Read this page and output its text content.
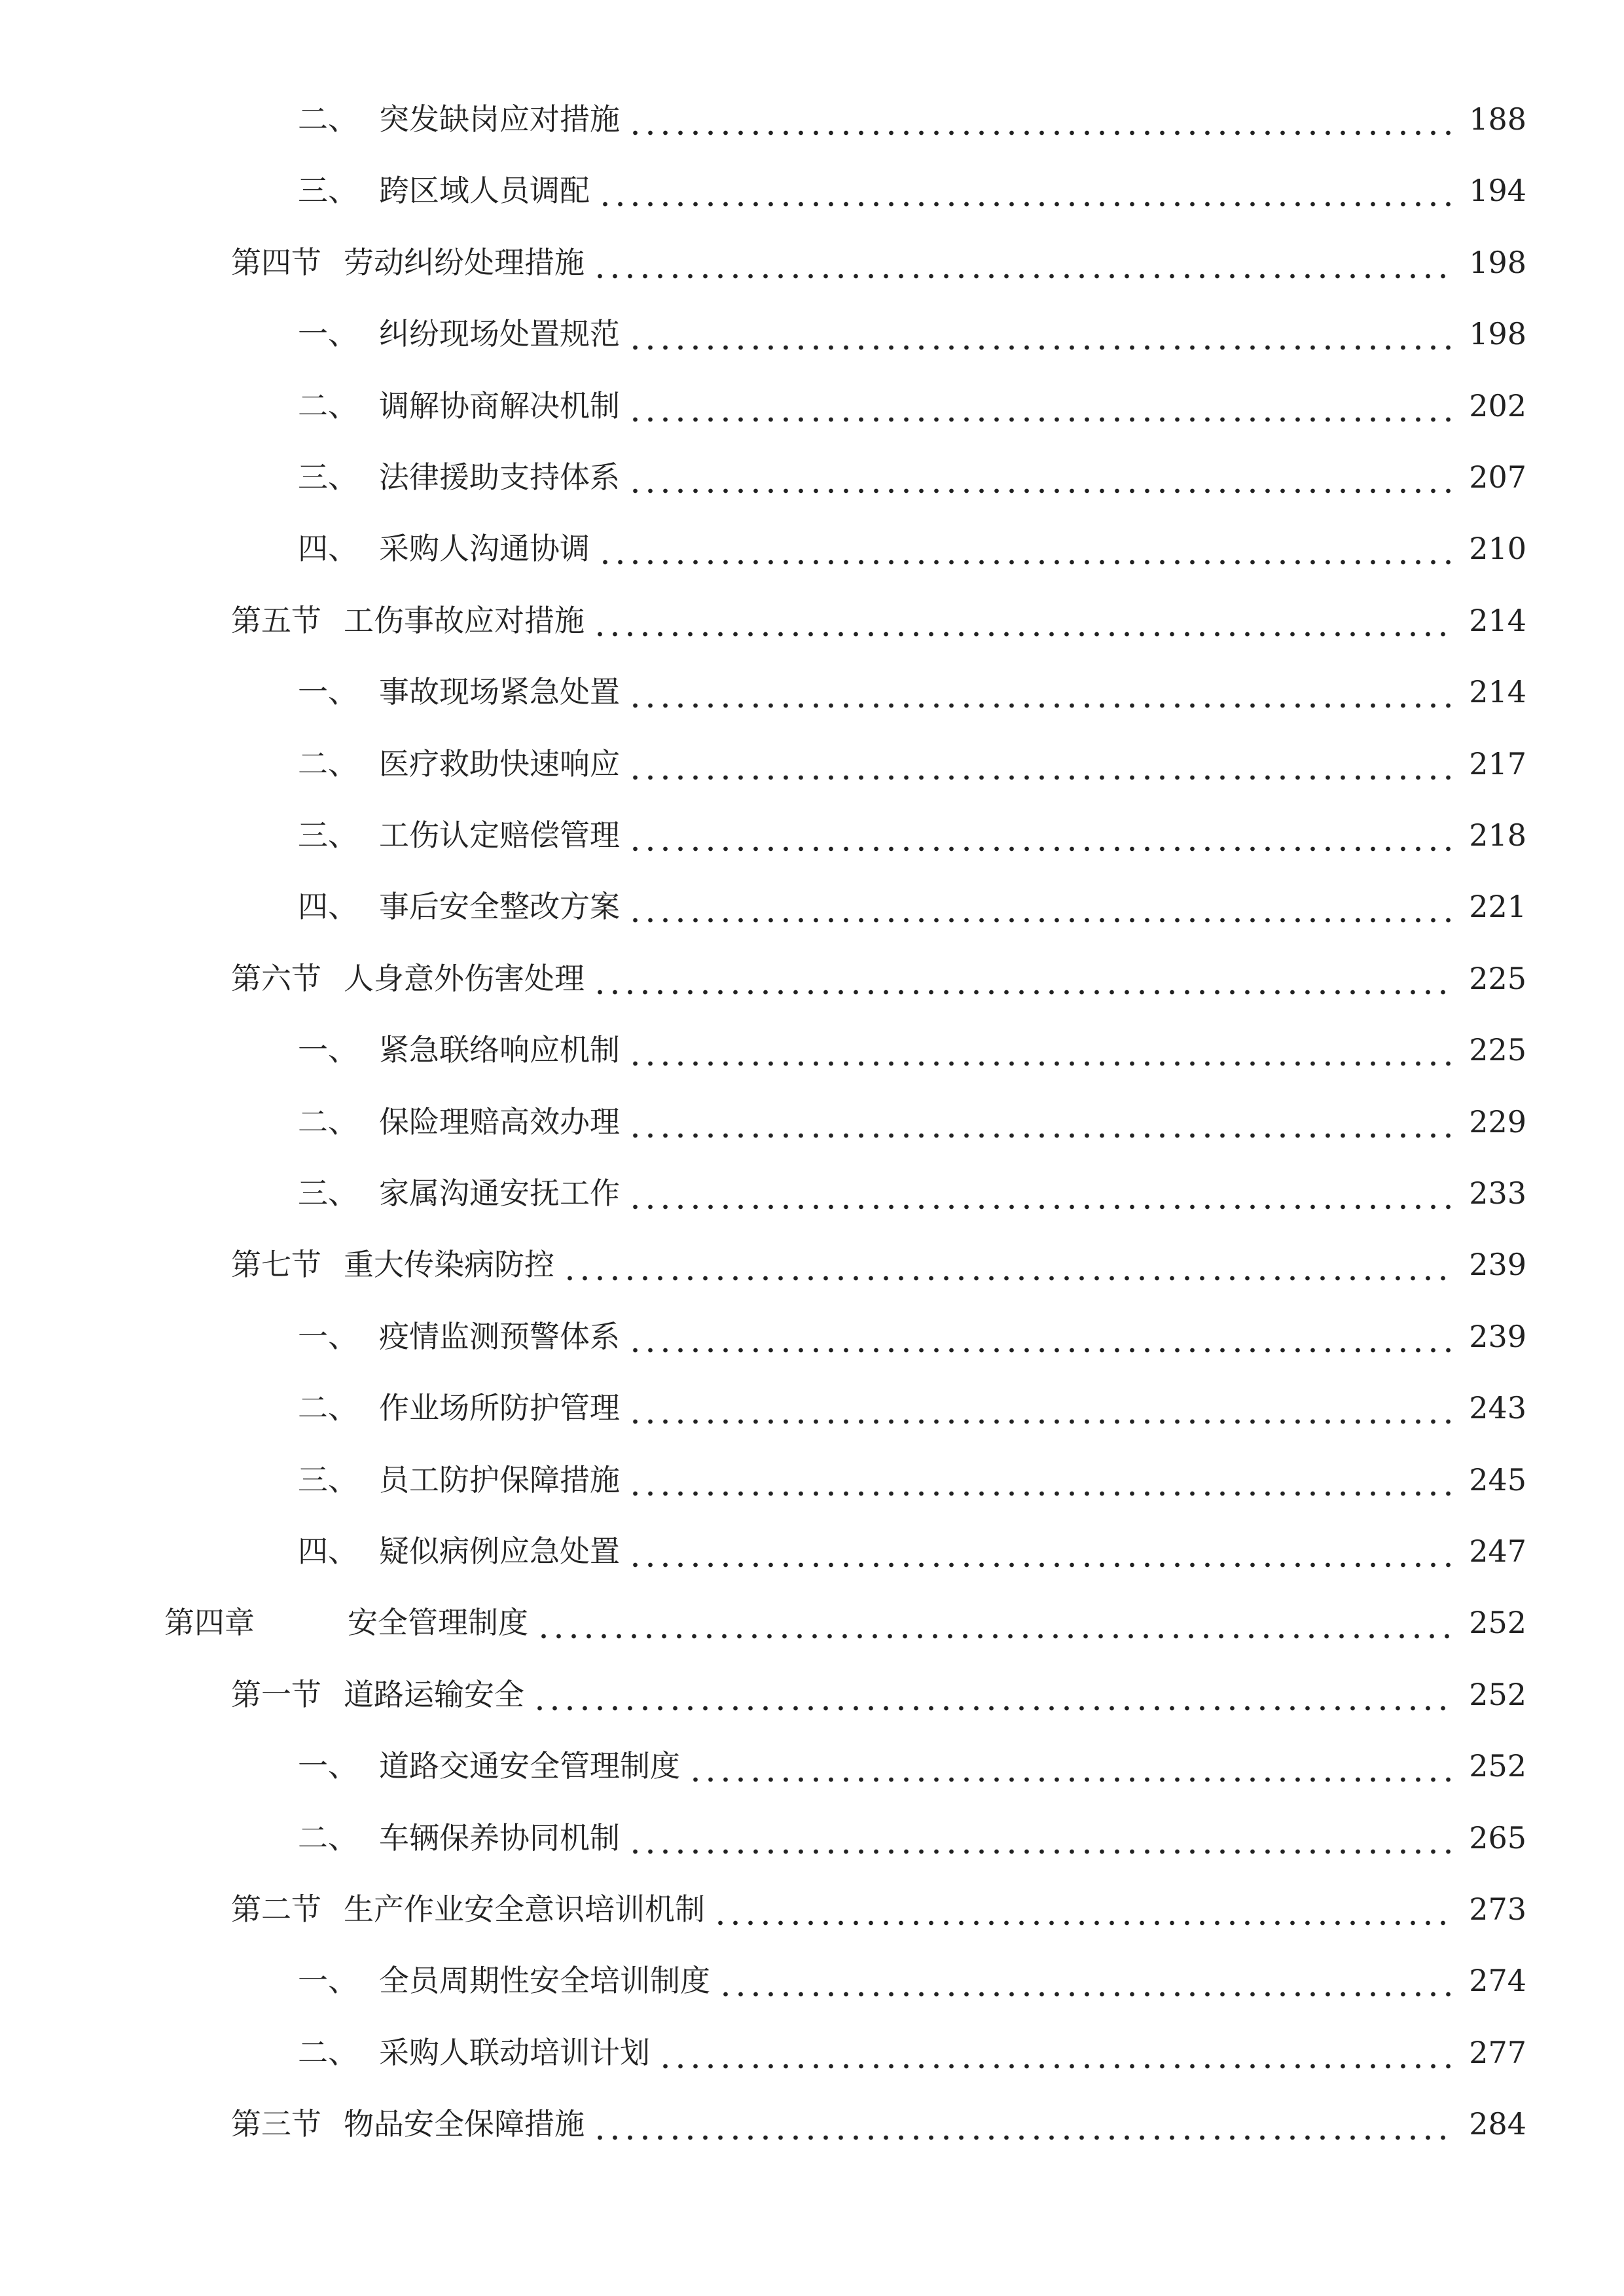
二、 突发缺岗应对措施	188
三、 跨区域人员调配	194
第四节 劳动纠纷处理措施	198
一、 纠纷现场处置规范	198
二、 调解协商解决机制	202
三、 法律援助支持体系	207
四、 采购人沟通协调	210
第五节 工伤事故应对措施	214
一、 事故现场紧急处置	214
二、 医疗救助快速响应	217
三、 工伤认定赔偿管理	218
四、 事后安全整改方案	221
第六节 人身意外伤害处理	225
一、 紧急联络响应机制	225
二、 保险理赔高效办理	229
三、 家属沟通安抚工作	233
第七节 重大传染病防控	239
一、 疫情监测预警体系	239
二、 作业场所防护管理	243
三、 员工防护保障措施	245
四、 疑似病例应急处置	247
第四章	安全管理制度	252
第一节 道路运输安全	252
一、 道路交通安全管理制度	252
二、 车辆保养协同机制	265
第二节 生产作业安全意识培训机制	273
一、 全员周期性安全培训制度	274
二、 采购人联动培训计划	277
第三节 物品安全保障措施	284
